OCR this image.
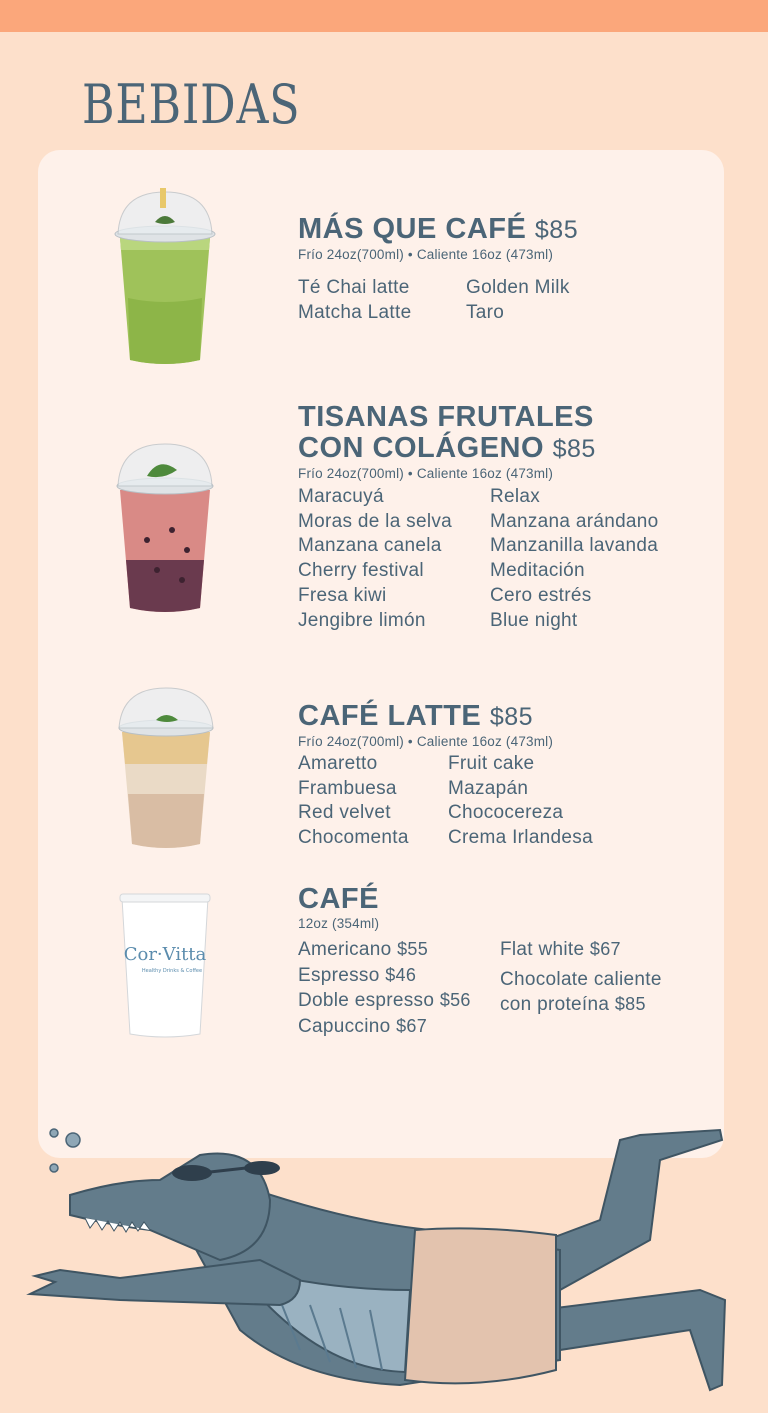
BEBIDAS
Cor·Vitta
Healthy Drinks & Coffee
MÁS QUE CAFÉ $85
Frío 24oz(700ml) • Caliente 16oz (473ml)
Té Chai latte
Matcha Latte
Golden Milk
Taro
TISANAS FRUTALES
CON COLÁGENO $85
Frío 24oz(700ml) • Caliente 16oz (473ml)
Maracuyá
Moras de la selva
Manzana canela
Cherry festival
Fresa kiwi
Jengibre limón
Relax
Manzana arándano
Manzanilla lavanda
Meditación
Cero estrés
Blue night
CAFÉ LATTE $85
Frío 24oz(700ml) • Caliente 16oz (473ml)
Amaretto
Frambuesa
Red velvet
Chocomenta
Fruit cake
Mazapán
Chococereza
Crema Irlandesa
CAFÉ
12oz (354ml)
Americano $55
Espresso $46
Doble espresso $56
Capuccino $67
Flat white $67
Chocolate caliente
con proteína $85
